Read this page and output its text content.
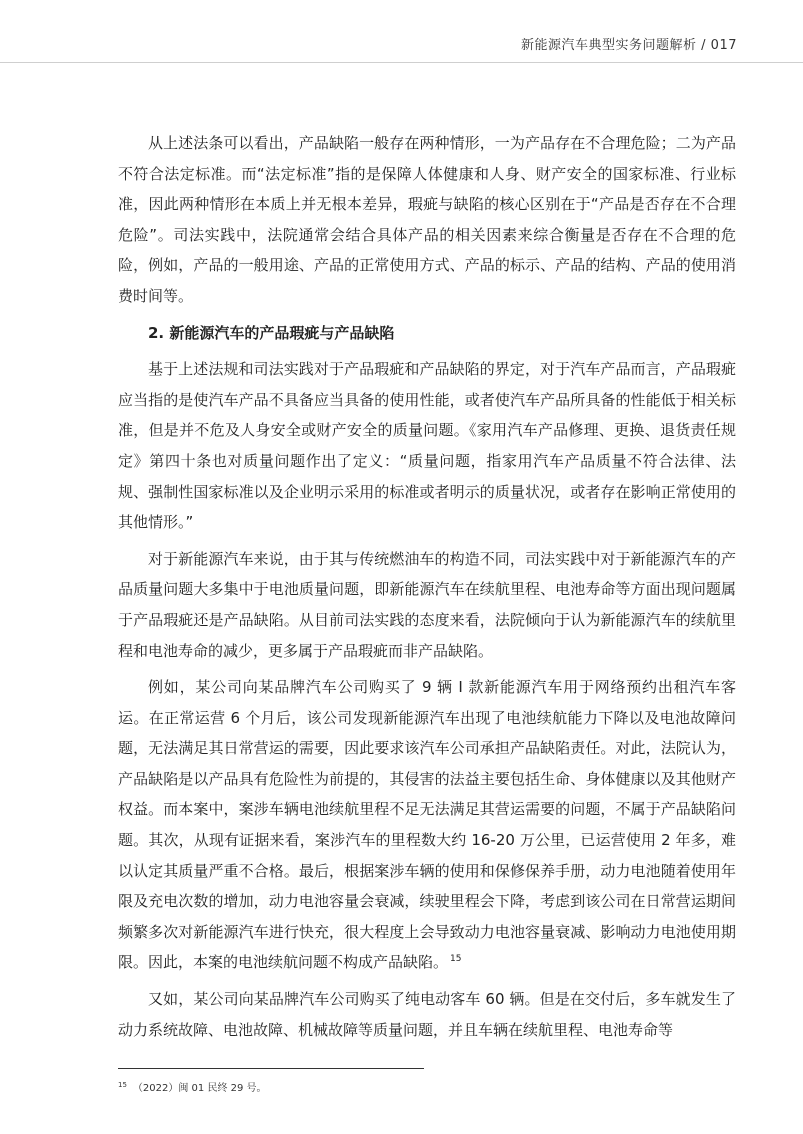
新能源汽车典型实务问题解析 / 017

从上述法条可以看出，产品缺陷一般存在两种情形，一为产品存在不合理危险；二为产品不符合法定标准。而“法定标准”指的是保障人体健康和人身、财产安全的国家标准、行业标准，因此两种情形在本质上并无根本差异，瑕疵与缺陷的核心区别在于“产品是否存在不合理危险”。司法实践中，法院通常会结合具体产品的相关因素来综合衡量是否存在不合理的危险，例如，产品的一般用途、产品的正常使用方式、产品的标示、产品的结构、产品的使用消费时间等。

2. 新能源汽车的产品瑕疵与产品缺陷

基于上述法规和司法实践对于产品瑕疵和产品缺陷的界定，对于汽车产品而言，产品瑕疵应当指的是使汽车产品不具备应当具备的使用性能，或者使汽车产品所具备的性能低于相关标准，但是并不危及人身安全或财产安全的质量问题。《家用汽车产品修理、更换、退货责任规定》第四十条也对质量问题作出了定义：“质量问题，指家用汽车产品质量不符合法律、法规、强制性国家标准以及企业明示采用的标准或者明示的质量状况，或者存在影响正常使用的其他情形。”

对于新能源汽车来说，由于其与传统燃油车的构造不同，司法实践中对于新能源汽车的产品质量问题大多集中于电池质量问题，即新能源汽车在续航里程、电池寿命等方面出现问题属于产品瑕疵还是产品缺陷。从目前司法实践的态度来看，法院倾向于认为新能源汽车的续航里程和电池寿命的减少，更多属于产品瑕疵而非产品缺陷。

例如，某公司向某品牌汽车公司购买了 9 辆 I 款新能源汽车用于网络预约出租汽车客运。在正常运营 6 个月后，该公司发现新能源汽车出现了电池续航能力下降以及电池故障问题，无法满足其日常营运的需要，因此要求该汽车公司承担产品缺陷责任。对此，法院认为，产品缺陷是以产品具有危险性为前提的，其侵害的法益主要包括生命、身体健康以及其他财产权益。而本案中，案涉车辆电池续航里程不足无法满足其营运需要的问题，不属于产品缺陷问题。其次，从现有证据来看，案涉汽车的里程数大约 16-20 万公里，已运营使用 2 年多，难以认定其质量严重不合格。最后，根据案涉车辆的使用和保修保养手册，动力电池随着使用年限及充电次数的增加，动力电池容量会衰减，续驶里程会下降，考虑到该公司在日常营运期间频繁多次对新能源汽车进行快充，很大程度上会导致动力电池容量衰减、影响动力电池使用期限。因此，本案的电池续航问题不构成产品缺陷。 $^{15}$

又如，某公司向某品牌汽车公司购买了纯电动客车 60 辆。但是在交付后，多车就发生了动力系统故障、电池故障、机械故障等质量问题，并且车辆在续航里程、电池寿命等

$^{15}$ （2022）闽 01 民终 29 号。
